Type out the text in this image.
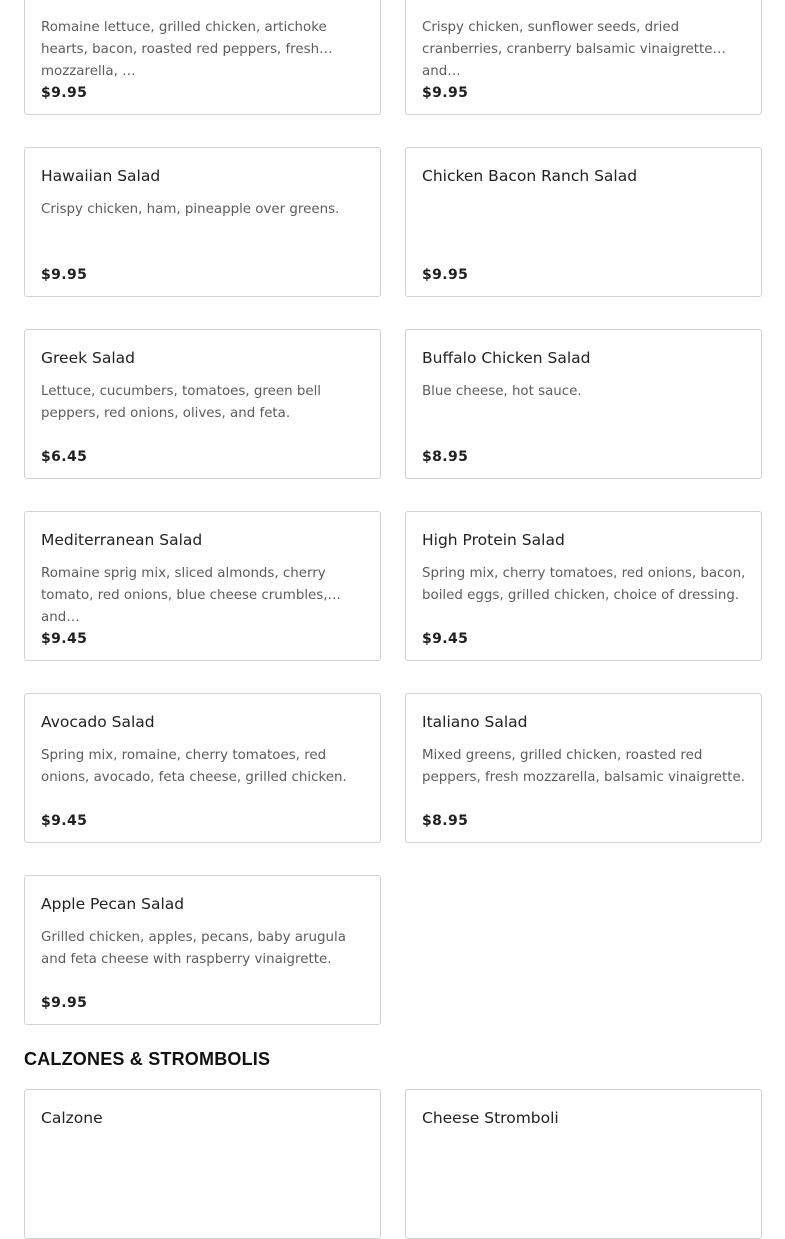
Romaine lettuce, grilled chicken, artichoke hearts, bacon, roasted red peppers, fresh mozzarella, …
$9.95
Crispy chicken, sunflower seeds, dried cranberries, cranberry balsamic vinaigrette and…
$9.95
Hawaiian Salad
Crispy chicken, ham, pineapple over greens.
$9.95
Chicken Bacon Ranch Salad
$9.95
Greek Salad
Lettuce, cucumbers, tomatoes, green bell peppers, red onions, olives, and feta.
$6.45
Buffalo Chicken Salad
Blue cheese, hot sauce.
$8.95
Mediterranean Salad
Romaine sprig mix, sliced almonds, cherry tomato, red onions, blue cheese crumbles, and…
$9.45
High Protein Salad
Spring mix, cherry tomatoes, red onions, bacon, boiled eggs, grilled chicken, choice of dressing.
$9.45
Avocado Salad
Spring mix, romaine, cherry tomatoes, red onions, avocado, feta cheese, grilled chicken.
$9.45
Italiano Salad
Mixed greens, grilled chicken, roasted red peppers, fresh mozzarella, balsamic vinaigrette.
$8.95
Apple Pecan Salad
Grilled chicken, apples, pecans, baby arugula and feta cheese with raspberry vinaigrette.
$9.95
CALZONES & STROMBOLIS
Calzone	Cheese Stromboli
